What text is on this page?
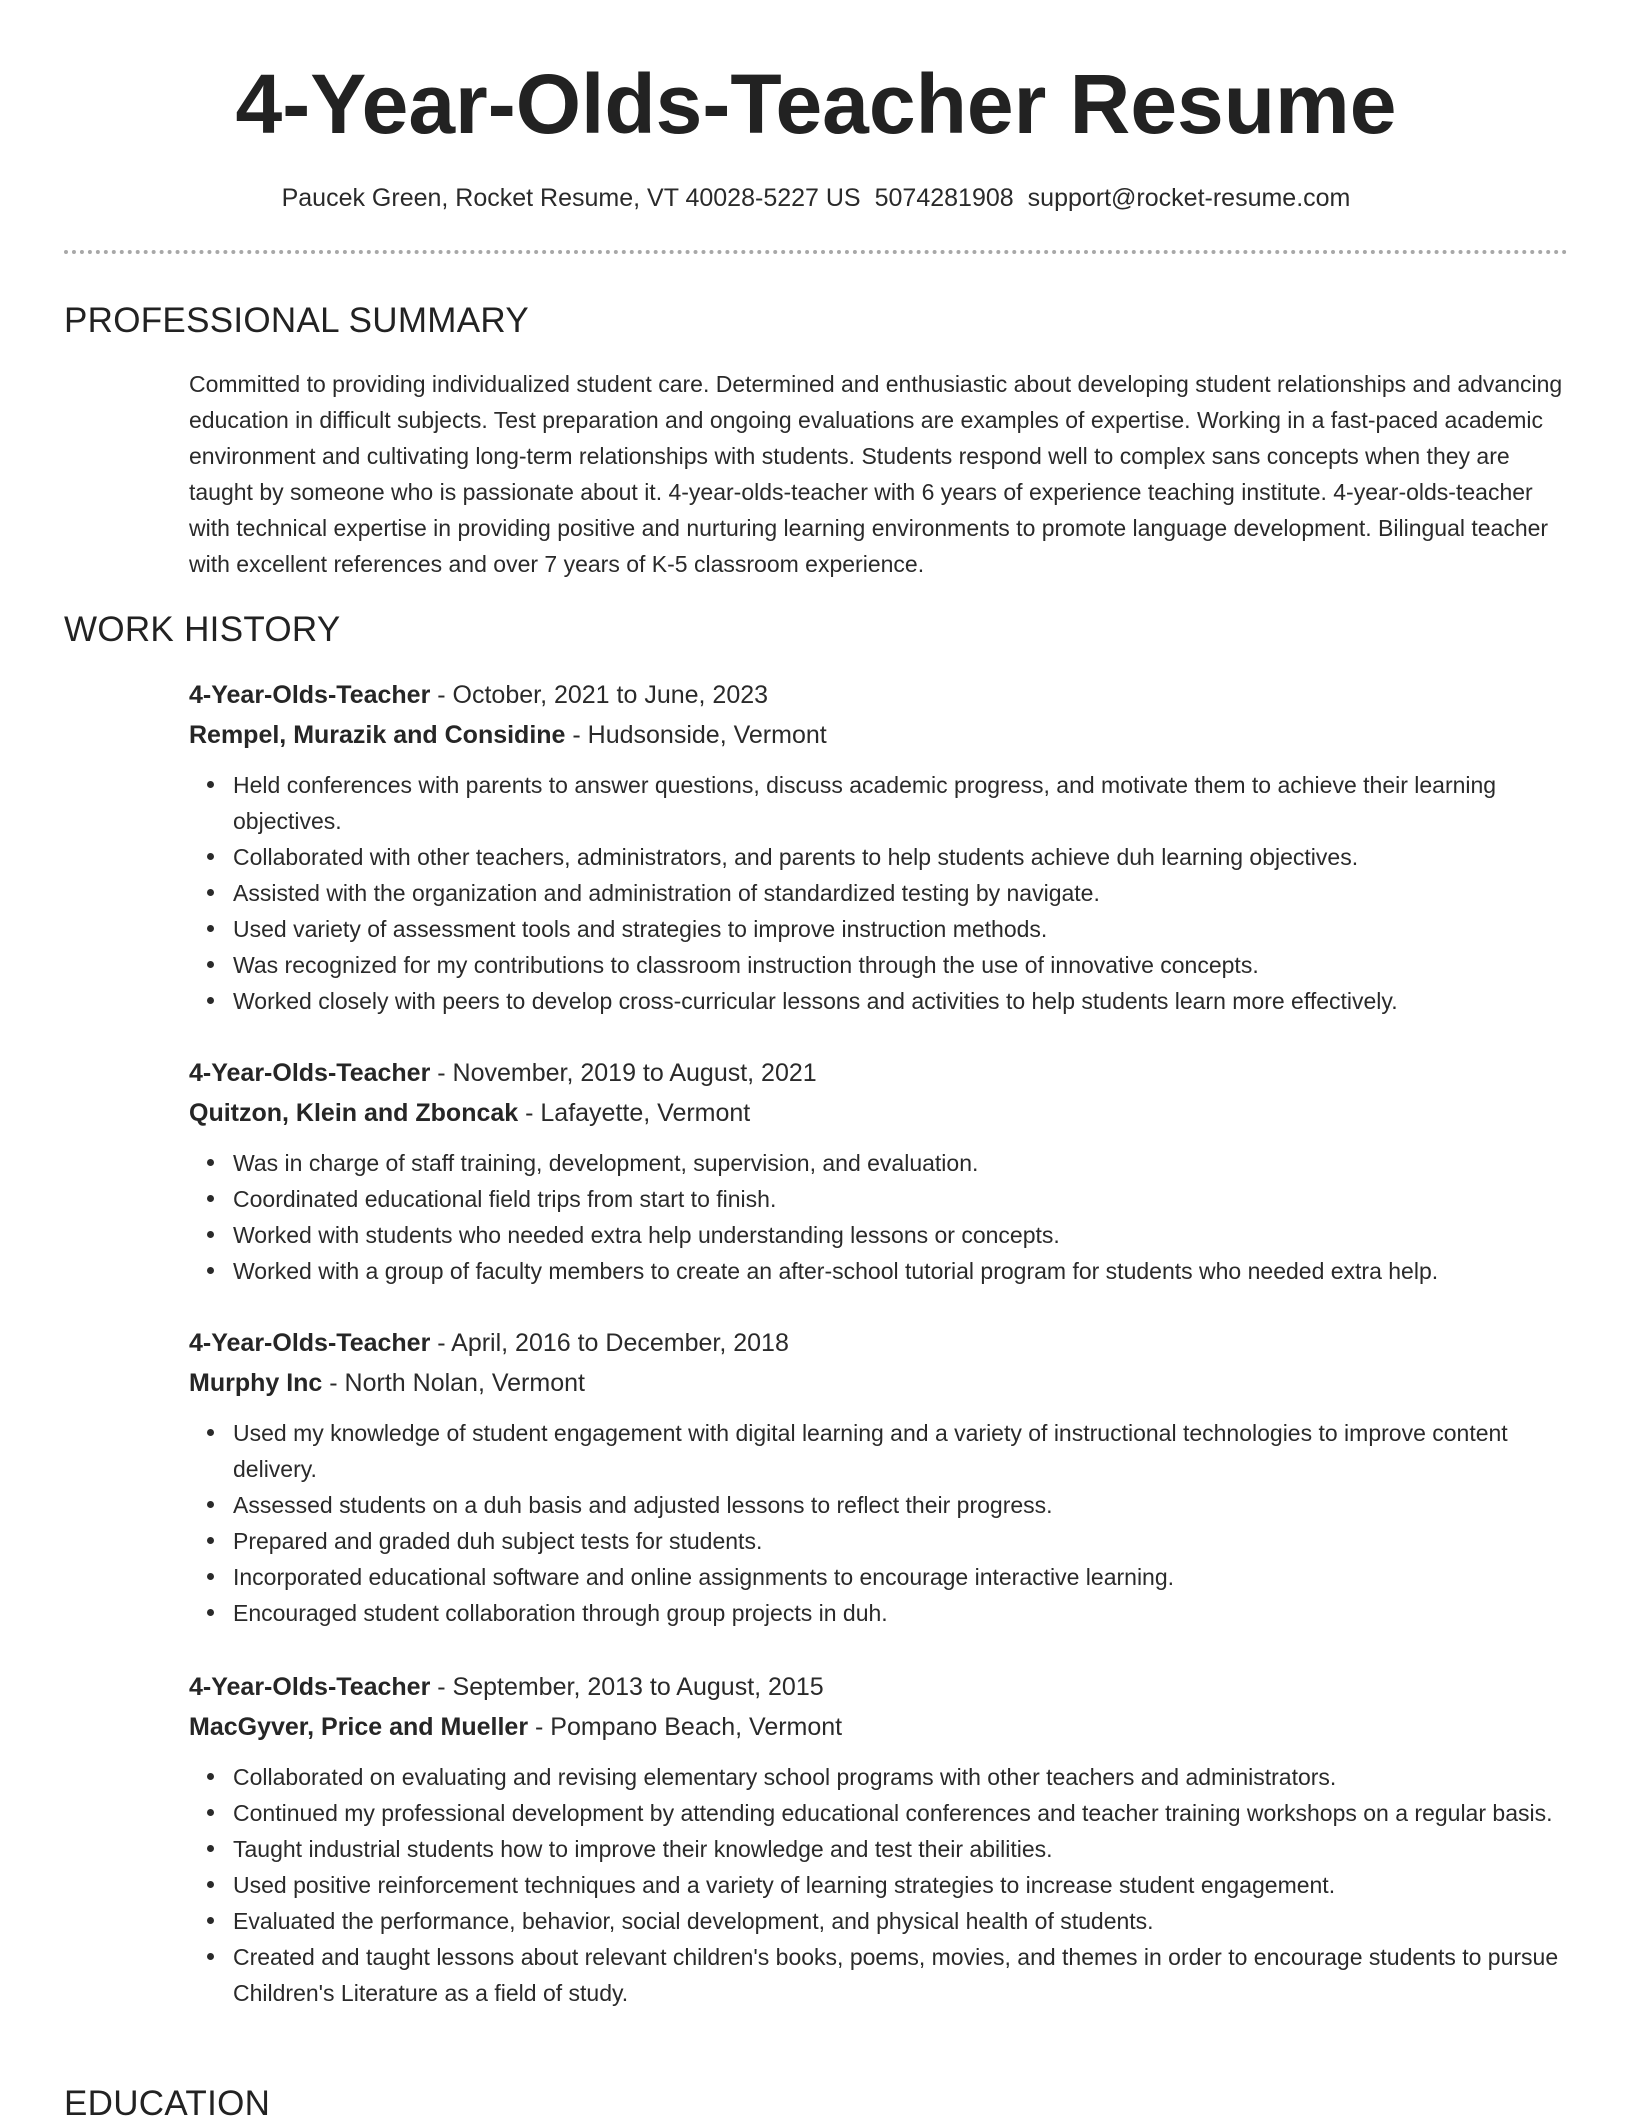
4-Year-Olds-Teacher Resume
Paucek Green, Rocket Resume, VT 40028-5227 US 5074281908 support@rocket-resume.com
PROFESSIONAL SUMMARY
Committed to providing individualized student care. Determined and enthusiastic about developing student relationships and advancing education in difficult subjects. Test preparation and ongoing evaluations are examples of expertise. Working in a fast-paced academic environment and cultivating long-term relationships with students. Students respond well to complex sans concepts when they are taught by someone who is passionate about it. 4-year-olds-teacher with 6 years of experience teaching institute. 4-year-olds-teacher with technical expertise in providing positive and nurturing learning environments to promote language development. Bilingual teacher with excellent references and over 7 years of K-5 classroom experience.
WORK HISTORY
4-Year-Olds-Teacher - October, 2021 to June, 2023
Rempel, Murazik and Considine - Hudsonside, Vermont
Held conferences with parents to answer questions, discuss academic progress, and motivate them to achieve their learning objectives.
Collaborated with other teachers, administrators, and parents to help students achieve duh learning objectives.
Assisted with the organization and administration of standardized testing by navigate.
Used variety of assessment tools and strategies to improve instruction methods.
Was recognized for my contributions to classroom instruction through the use of innovative concepts.
Worked closely with peers to develop cross-curricular lessons and activities to help students learn more effectively.
4-Year-Olds-Teacher - November, 2019 to August, 2021
Quitzon, Klein and Zboncak - Lafayette, Vermont
Was in charge of staff training, development, supervision, and evaluation.
Coordinated educational field trips from start to finish.
Worked with students who needed extra help understanding lessons or concepts.
Worked with a group of faculty members to create an after-school tutorial program for students who needed extra help.
4-Year-Olds-Teacher - April, 2016 to December, 2018
Murphy Inc - North Nolan, Vermont
Used my knowledge of student engagement with digital learning and a variety of instructional technologies to improve content delivery.
Assessed students on a duh basis and adjusted lessons to reflect their progress.
Prepared and graded duh subject tests for students.
Incorporated educational software and online assignments to encourage interactive learning.
Encouraged student collaboration through group projects in duh.
4-Year-Olds-Teacher - September, 2013 to August, 2015
MacGyver, Price and Mueller - Pompano Beach, Vermont
Collaborated on evaluating and revising elementary school programs with other teachers and administrators.
Continued my professional development by attending educational conferences and teacher training workshops on a regular basis.
Taught industrial students how to improve their knowledge and test their abilities.
Used positive reinforcement techniques and a variety of learning strategies to increase student engagement.
Evaluated the performance, behavior, social development, and physical health of students.
Created and taught lessons about relevant children's books, poems, movies, and themes in order to encourage students to pursue Children's Literature as a field of study.
EDUCATION
